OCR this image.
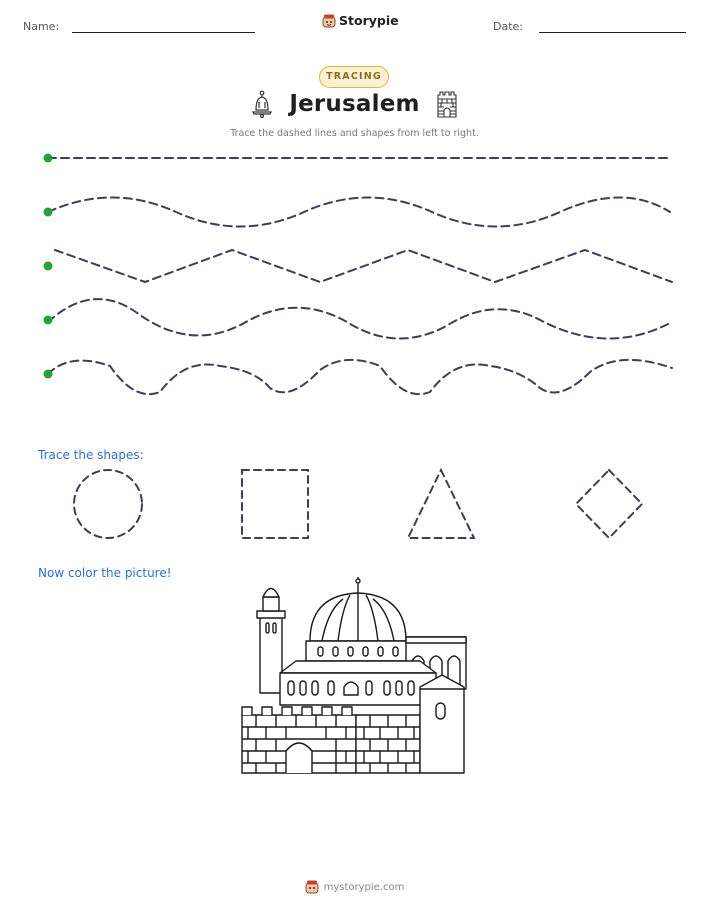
Name:	Storypie	Date:
TRACING
Jerusalem
Trace the dashed lines and shapes from left to right.
Trace the shapes:
Now color the picture!
mystorypie.com
